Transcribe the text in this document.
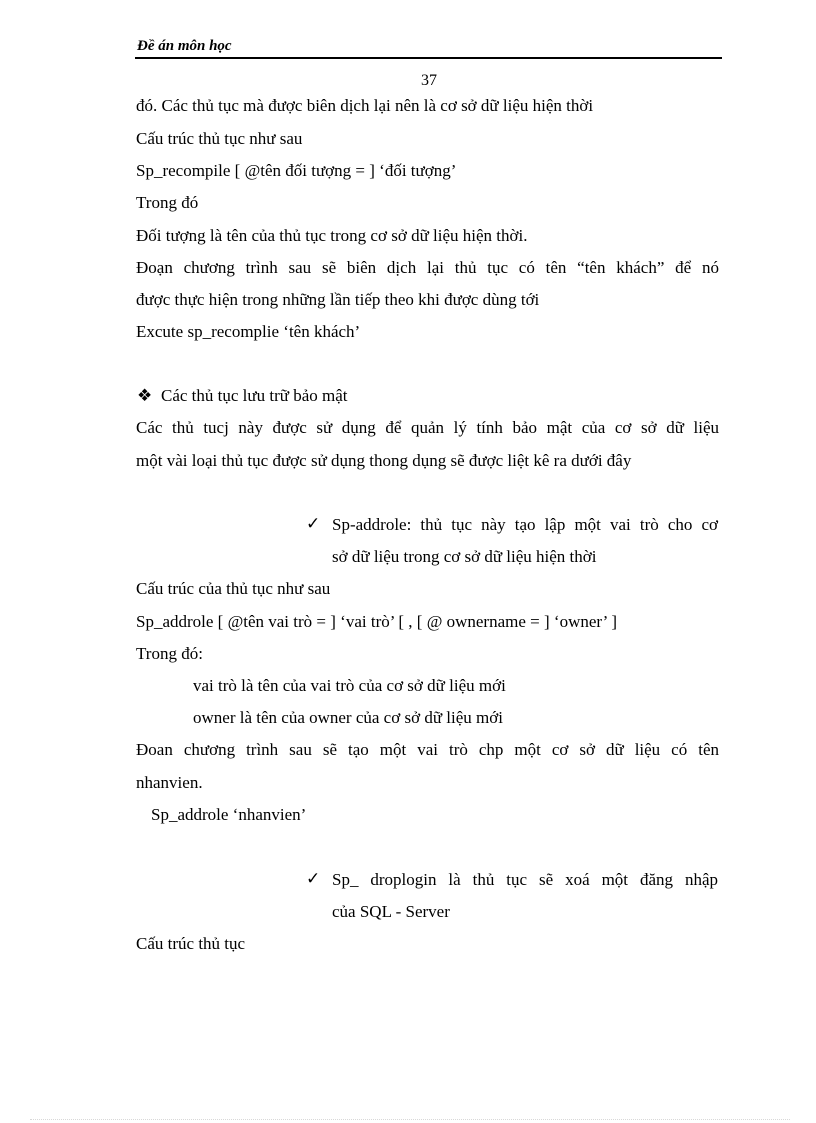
Đề án môn học
37
đó. Các thủ tục mà được biên dịch lại nên là cơ sở dữ liệu hiện thời
Cấu trúc thủ tục như sau
Sp_recompile [ @tên đối tượng = ] ‘đối tượng’
Trong đó
Đối tượng là tên của thủ tục trong cơ sở dữ liệu hiện thời.
Đoạn chương trình sau sẽ biên dịch lại thủ tục có tên “tên khách” để nó
được thực hiện trong những lần tiếp theo khi được dùng tới
Excute sp_recomplie ‘tên khách’
❖ Các thủ tục lưu trữ bảo mật
Các thủ tucj này được sử dụng để quản lý tính bảo mật của cơ sở dữ liệu
một vài loại thủ tục được sử dụng thong dụng sẽ được liệt kê ra dưới đây
✓ Sp-addrole: thủ tục này tạo lập một vai trò cho cơ
sở dữ liệu trong cơ sở dữ liệu hiện thời
Cấu trúc của thủ tục như sau
Sp_addrole [ @tên vai trò = ] ‘vai trò’ [ , [ @ ownername = ] ‘owner’ ]
Trong đó:
vai trò là tên của vai trò của cơ sở dữ liệu mới
owner là tên của owner của cơ sở dữ liệu mới
Đoan chương trình sau sẽ tạo một vai trò chp một cơ sở dữ liệu có tên
nhanvien.
Sp_addrole ‘nhanvien’
✓ Sp_ droplogin là thủ tục sẽ xoá một đăng nhập
của SQL - Server
Cấu trúc thủ tục
